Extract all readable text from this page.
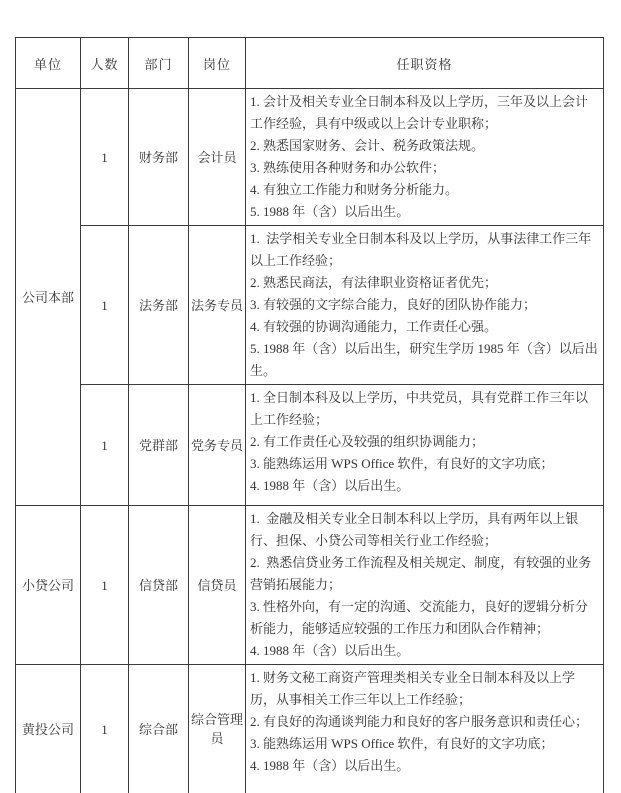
单位	人数	部门	岗位	任职资格
公司本部	1	财务部	会计员	1. 会计及相关专业全日制本科及以上学历，三年及以上会计工作经验，具有中级或以上会计专业职称；
2. 熟悉国家财务、会计、税务政策法规。
3. 熟练使用各种财务和办公软件；
4. 有独立工作能力和财务分析能力。
5. 1988 年（含）以后出生。

	1	法务部	法务专员	1.  法学相关专业全日制本科及以上学历，从事法律工作三年以上工作经验；
2. 熟悉民商法，有法律职业资格证者优先；
3. 有较强的文字综合能力，良好的团队协作能力；
4. 有较强的协调沟通能力，工作责任心强。
5. 1988 年（含）以后出生，研究生学历 1985 年（含）以后出生。

	1	党群部	党务专员	1. 全日制本科及以上学历，中共党员，具有党群工作三年以上工作经验；
2. 有工作责任心及较强的组织协调能力；
3. 能熟练运用 WPS Office 软件，有良好的文字功底；
4. 1988 年（含）以后出生。

小贷公司	1	信贷部	信贷员	1.  金融及相关专业全日制本科以上学历，具有两年以上银行、担保、小贷公司等相关行业工作经验；
2.  熟悉信贷业务工作流程及相关规定、制度，有较强的业务营销拓展能力；
3. 性格外向，有一定的沟通、交流能力，良好的逻辑分析分析能力，能够适应较强的工作压力和团队合作精神；
4. 1988 年（含）以后出生。

黄投公司	1	综合部	综合管理员	1. 财务文秘工商资产管理类相关专业全日制本科及以上学历，从事相关工作三年以上工作经验；
2. 有良好的沟通谈判能力和良好的客户服务意识和责任心；
3. 能熟练运用 WPS Office 软件，有良好的文字功底；
4. 1988 年（含）以后出生。
